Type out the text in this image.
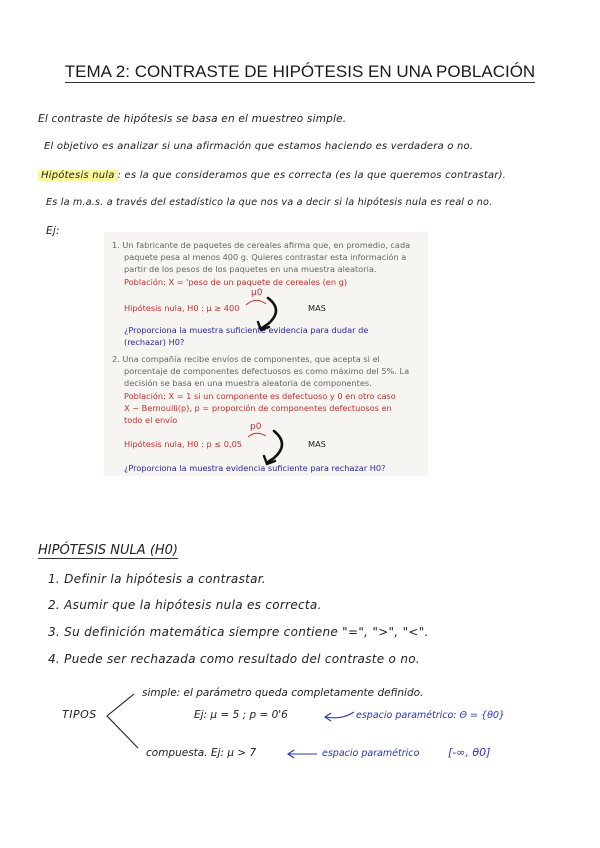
TEMA 2: CONTRASTE DE HIPÓTESIS EN UNA POBLACIÓN
El contraste de hipótesis se basa en el muestreo simple.
El objetivo es analizar si una afirmación que estamos haciendo es verdadera o no.
Hipótesis nula : es la que consideramos que es correcta (es la que queremos contrastar).
Es la m.a.s. a través del estadístico la que nos va a decir si la hipótesis nula es real o no.
Ej:
1. Un fabricante de paquetes de cereales afirma que, en promedio, cada
paquete pesa al menos 400 g. Quieres contrastar esta información a
partir de los pesos de los paquetes en una muestra aleatoria.
Población: X = 'peso de un paquete de cereales (en g)
Hipótesis nula, H0 : μ ≥ 400	MAS
¿Proporciona la muestra suficiente evidencia para dudar de
(rechazar) H0?
2. Una compañía recibe envíos de componentes, que acepta si el
porcentaje de componentes defectuosos es como máximo del 5%. La
decisión se basa en una muestra aleatoria de componentes.
Población: X = 1 si un componente es defectuoso y 0 en otro caso
X ~ Bernoulli(p), p = proporción de componentes defectuosos en
todo el envío
Hipótesis nula, H0 : p ≤ 0,05	MAS
¿Proporciona la muestra evidencia suficiente para rechazar H0?
μ0
p0
HIPÓTESIS NULA (H0)
1. Definir la hipótesis a contrastar.
2. Asumir que la hipótesis nula es correcta.
3. Su definición matemática siempre contiene "=", ">", "<".
4. Puede ser rechazada como resultado del contraste o no.
TIPOS
simple: el parámetro queda completamente definido.
Ej: μ = 5 ; p = 0'6	espacio paramétrico: Θ = {θ0}
compuesta. Ej: μ > 7	espacio paramétrico	[-∞, θ0]
